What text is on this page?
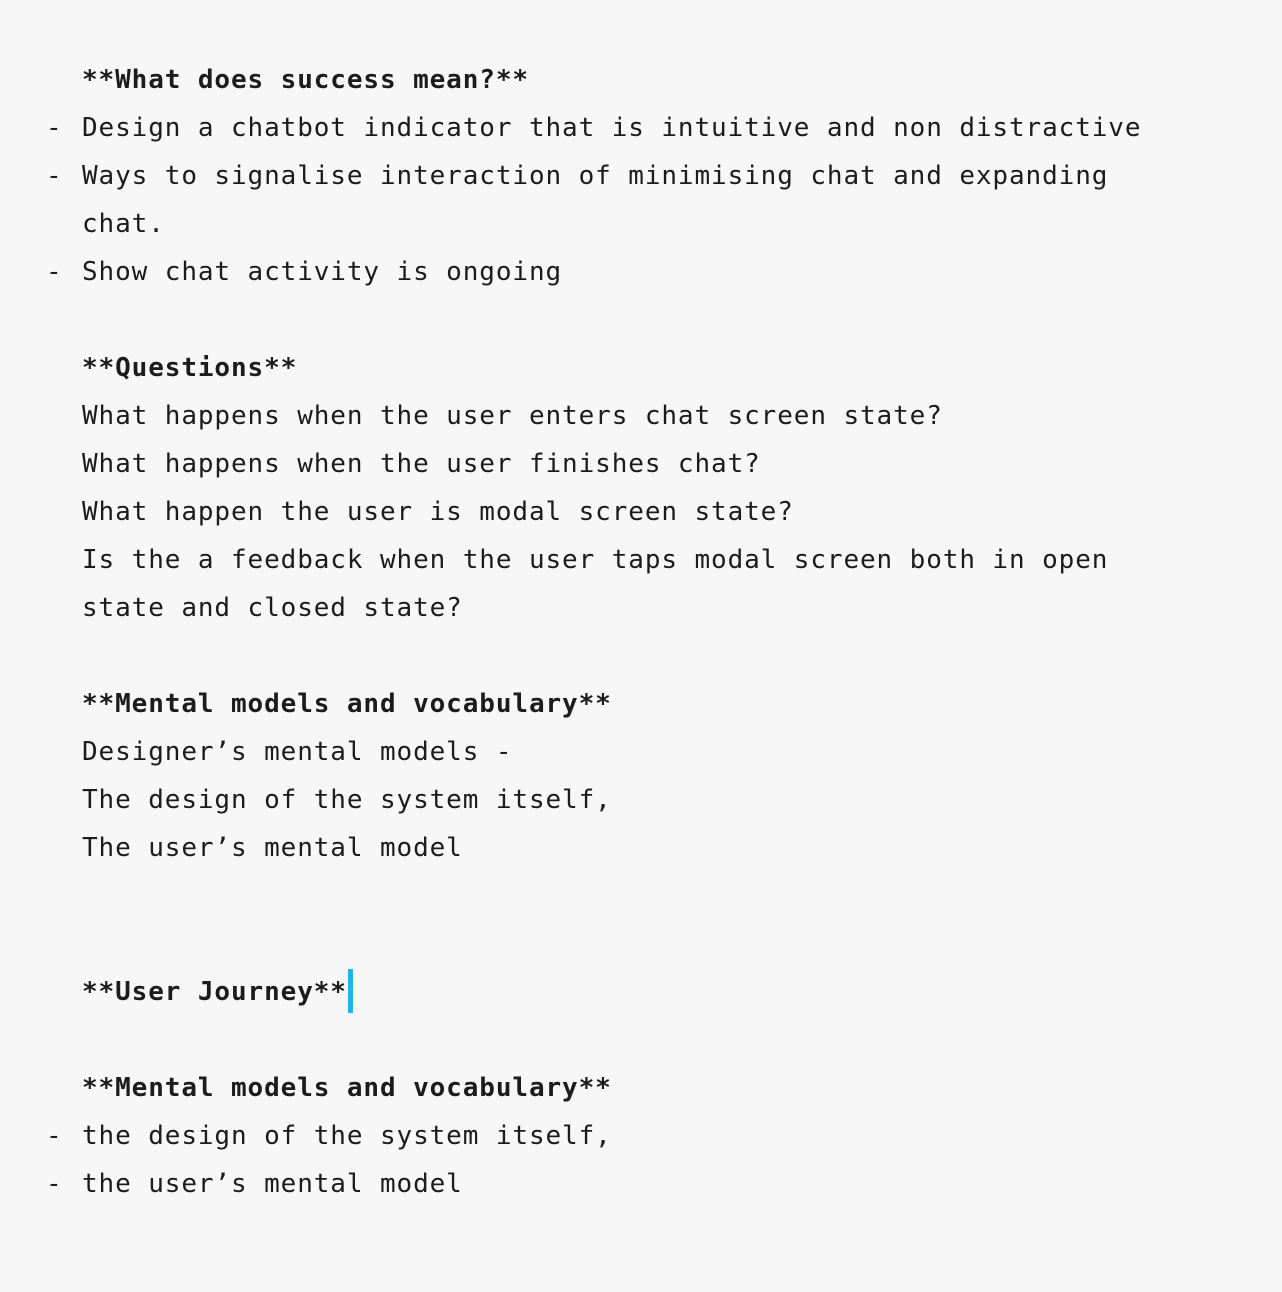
**What does success mean?**
- Design a chatbot indicator that is intuitive and non distractive
- Ways to signalise interaction of minimising chat and expanding
chat.
- Show chat activity is ongoing
**Questions**
What happens when the user enters chat screen state?
What happens when the user finishes chat?
What happen the user is modal screen state?
Is the a feedback when the user taps modal screen both in open
state and closed state?
**Mental models and vocabulary**
Designer’s mental models -
The design of the system itself,
The user’s mental model
**User Journey**
**Mental models and vocabulary**
- the design of the system itself,
- the user’s mental model
